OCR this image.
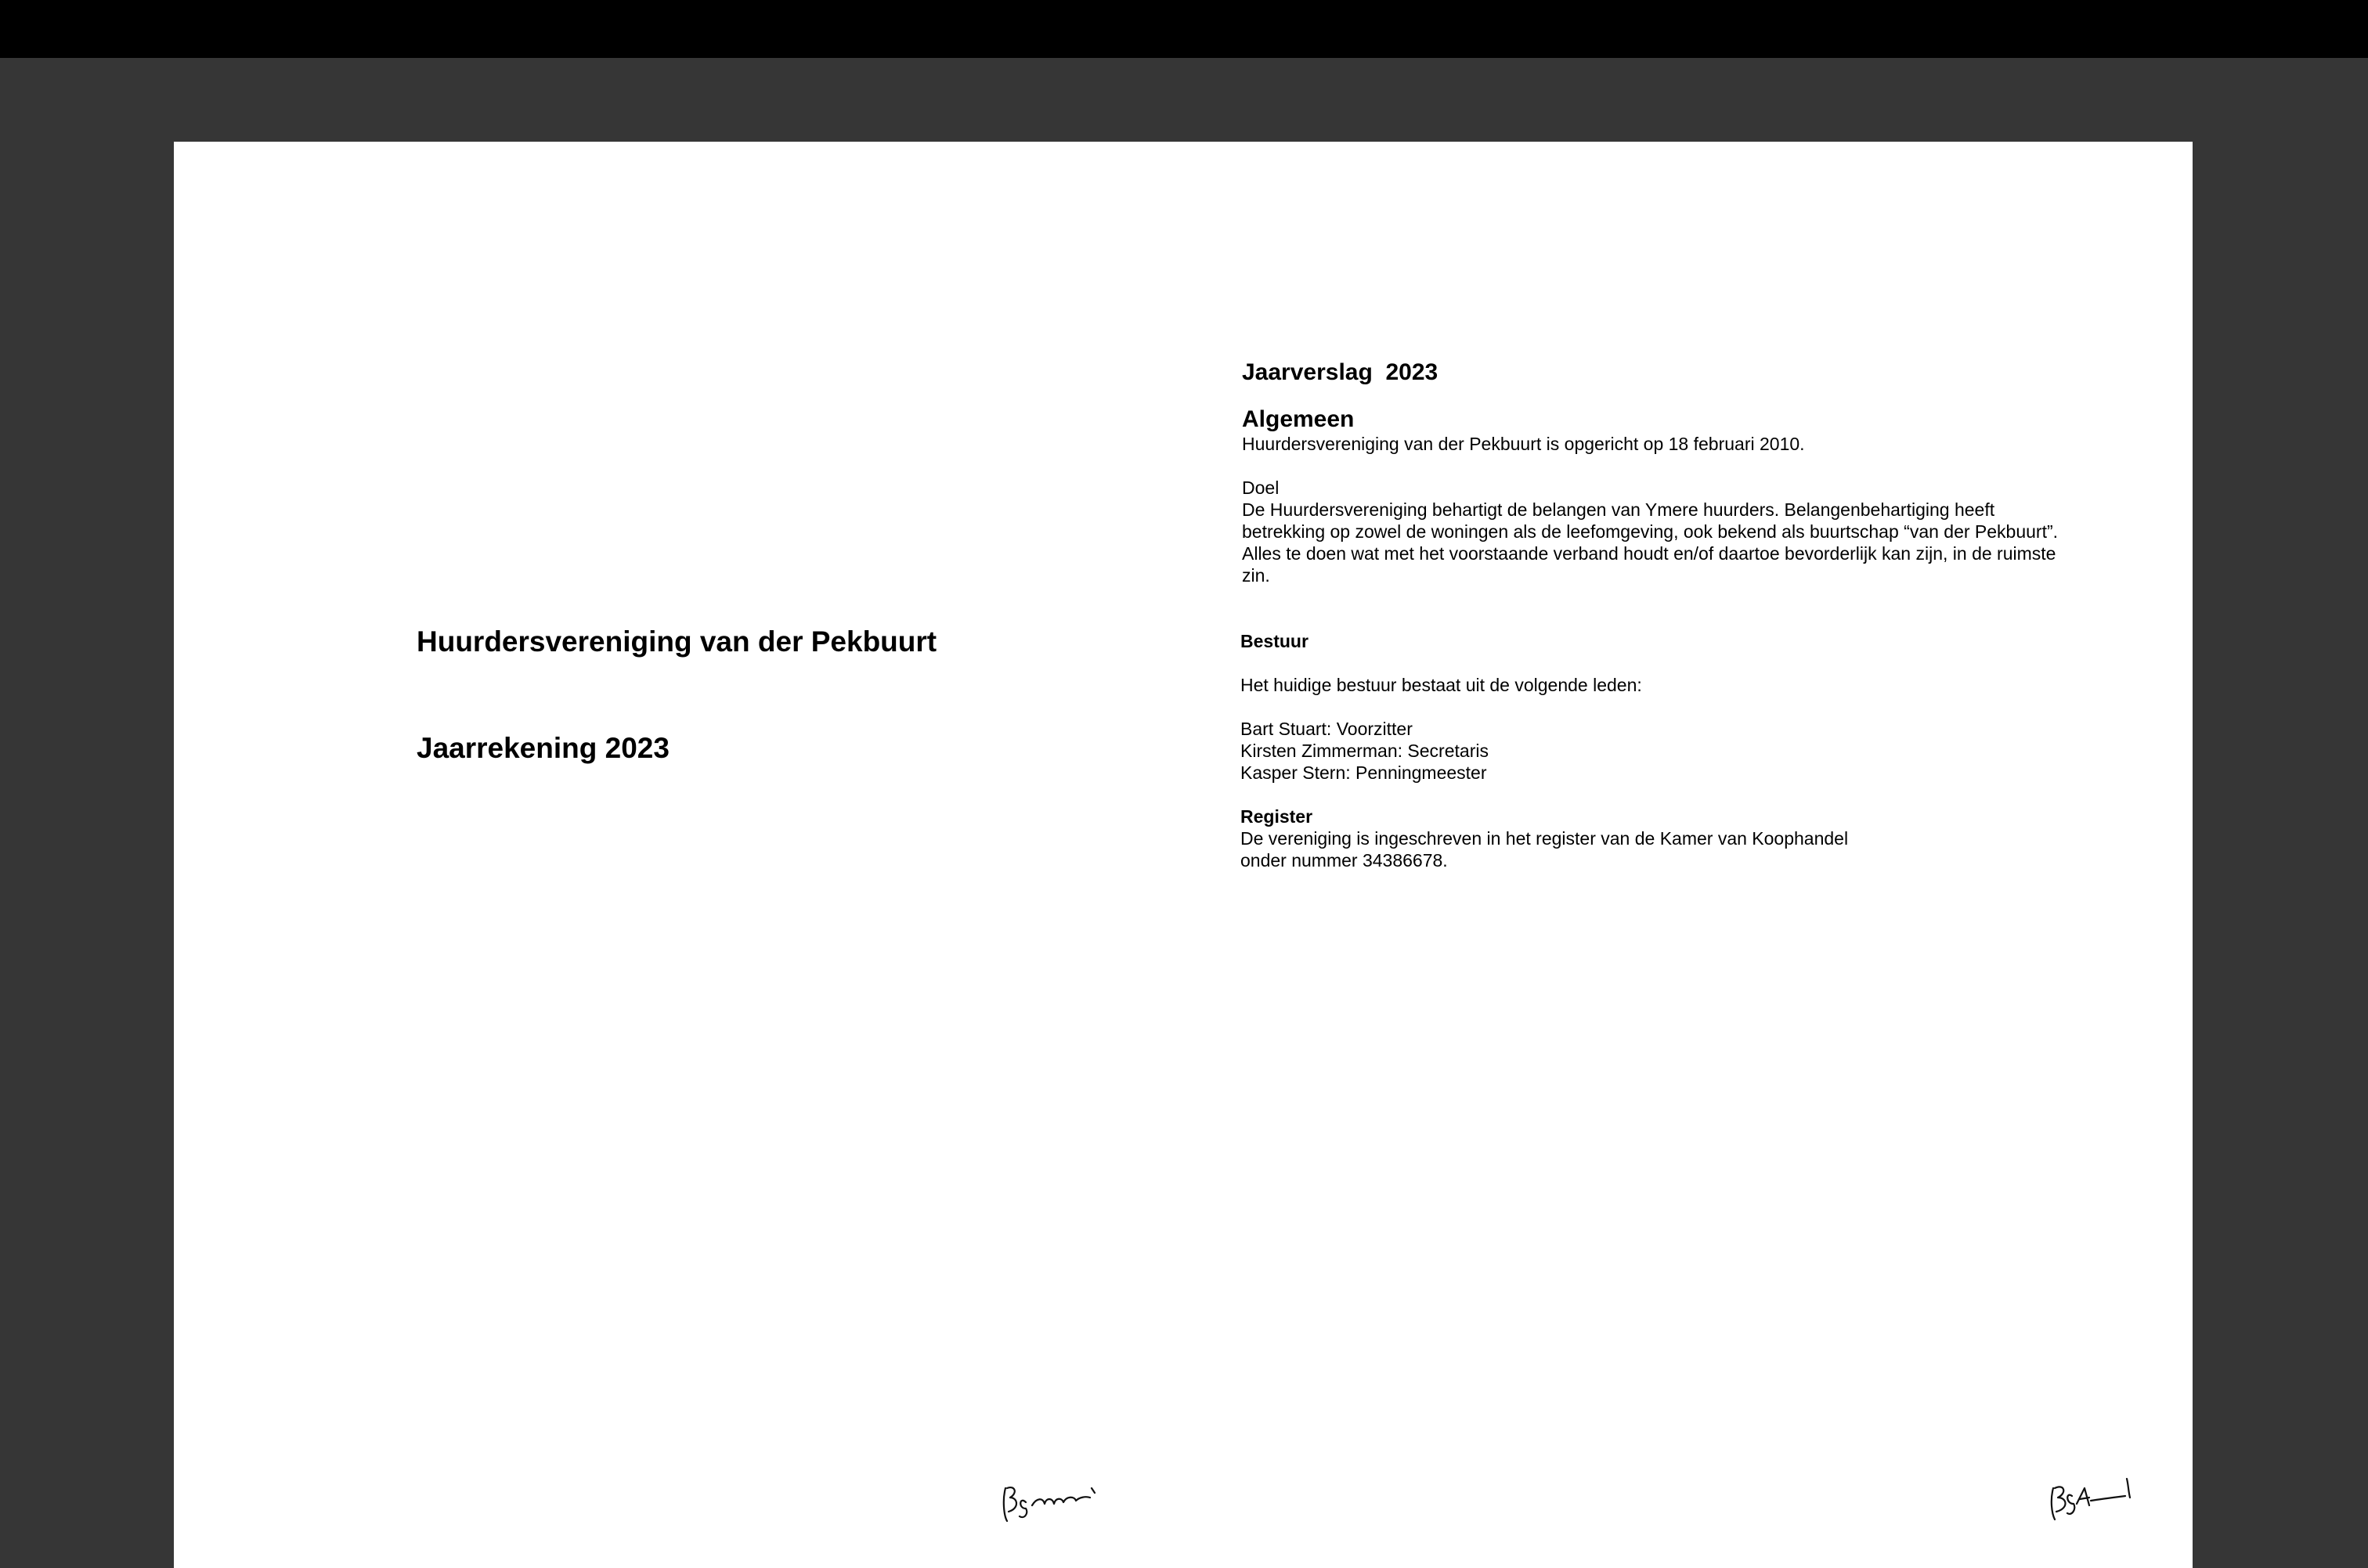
Huurdersvereniging van der Pekbuurt
Jaarrekening 2023
Jaarverslag  2023
Algemeen

Huurdersvereniging van der Pekbuurt is opgericht op 18 februari 2010.

Doel

De Huurdersvereniging behartigt de belangen van Ymere huurders. Belangenbehartiging heeft betrekking op zowel de woningen als de leefomgeving, ook bekend als buurtschap “van der Pekbuurt”. Alles te doen wat met het voorstaande verband houdt en/of daartoe bevorderlijk kan zijn, in de ruimste zin.

Bestuur

Het huidige bestuur bestaat uit de volgende leden:

Bart Stuart: Voorzitter

Kirsten Zimmerman: Secretaris

Kasper Stern: Penningmeester

Register

De vereniging is ingeschreven in het register van de Kamer van Koophandel

onder nummer 34386678.
